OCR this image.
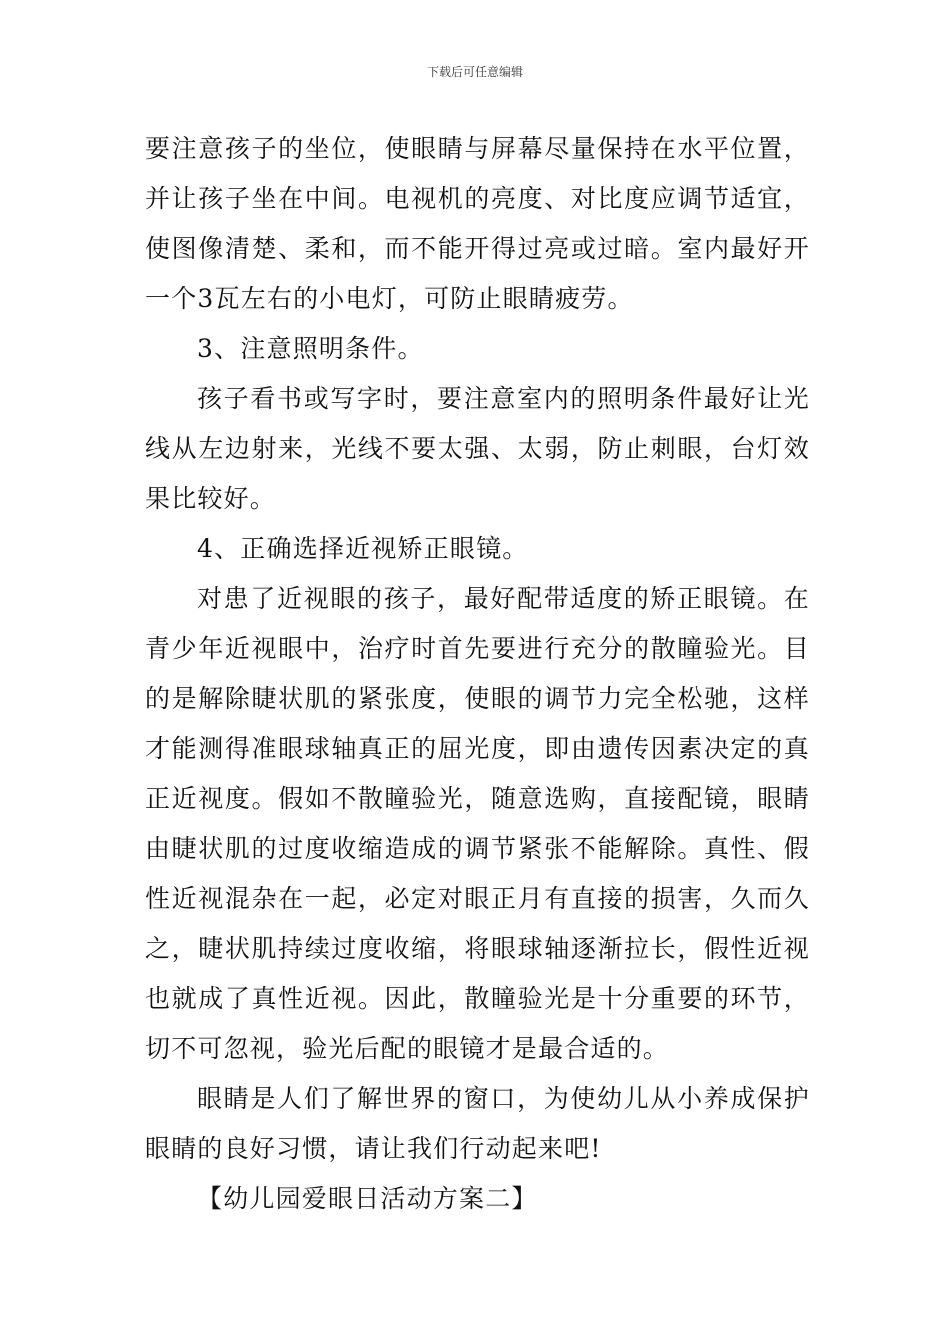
下载后可任意编辑

要注意孩子的坐位，使眼睛与屏幕尽量保持在水平位置，并让孩子坐在中间。电视机的亮度、对比度应调节适宜，使图像清楚、柔和，而不能开得过亮或过暗。室内最好开一个3瓦左右的小电灯，可防止眼睛疲劳。

3、注意照明条件。

孩子看书或写字时，要注意室内的照明条件最好让光线从左边射来，光线不要太强、太弱，防止刺眼，台灯效果比较好。

4、正确选择近视矫正眼镜。

对患了近视眼的孩子，最好配带适度的矫正眼镜。在青少年近视眼中，治疗时首先要进行充分的散瞳验光。目的是解除睫状肌的紧张度，使眼的调节力完全松驰，这样才能测得准眼球轴真正的屈光度，即由遗传因素决定的真正近视度。假如不散瞳验光，随意选购，直接配镜，眼睛由睫状肌的过度收缩造成的调节紧张不能解除。真性、假性近视混杂在一起，必定对眼正月有直接的损害，久而久之，睫状肌持续过度收缩，将眼球轴逐渐拉长，假性近视也就成了真性近视。因此，散瞳验光是十分重要的环节，切不可忽视，验光后配的眼镜才是最合适的。

眼睛是人们了解世界的窗口，为使幼儿从小养成保护眼睛的良好习惯，请让我们行动起来吧!

【幼儿园爱眼日活动方案二】
